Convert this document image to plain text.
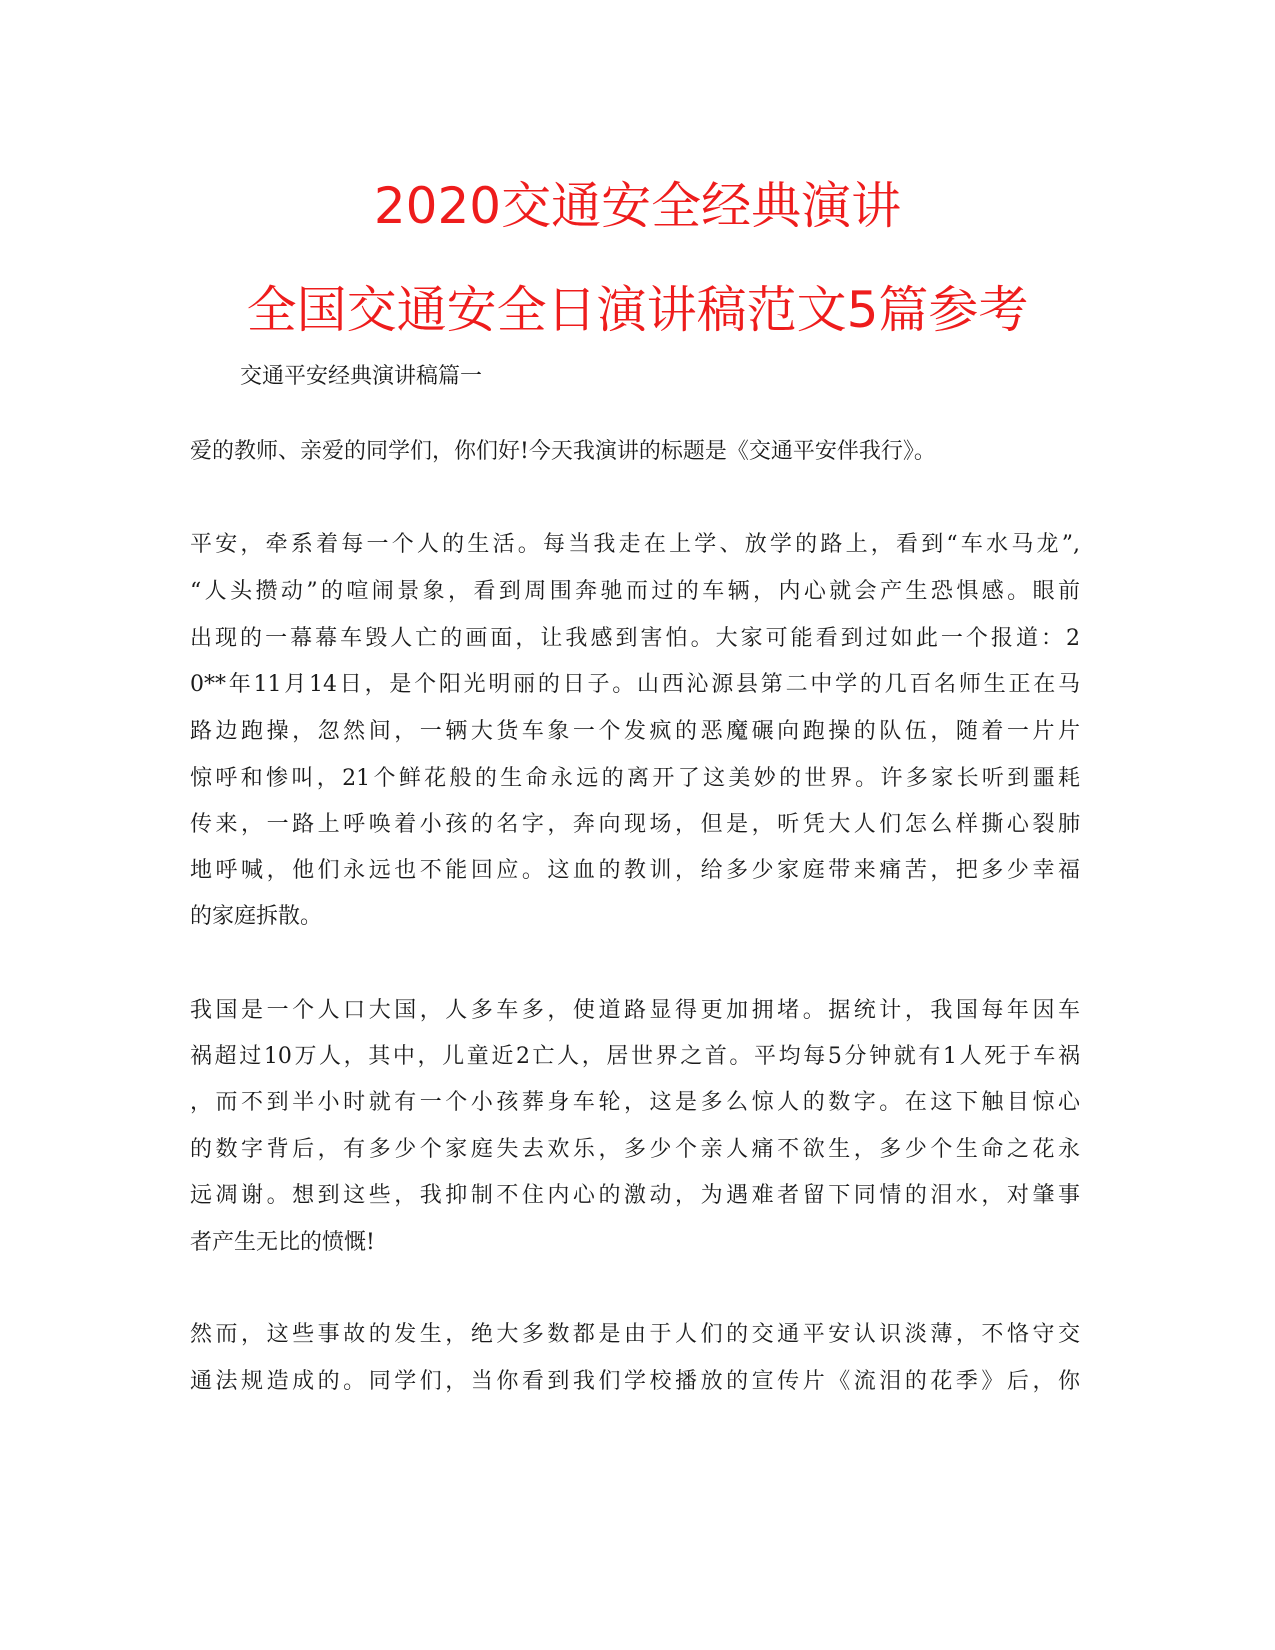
2020交通安全经典演讲
全国交通安全日演讲稿范文5篇参考
交通平安经典演讲稿篇一
爱的教师、亲爱的同学们，你们好!今天我演讲的标题是《交通平安伴我行》。
平安，牵系着每一个人的生活。每当我走在上学、放学的路上，看到“车水马龙”,
“人头攒动”的喧闹景象，看到周围奔驰而过的车辆，内心就会产生恐惧感。眼前
出现的一幕幕车毁人亡的画面，让我感到害怕。大家可能看到过如此一个报道：2
0**年11月14日，是个阳光明丽的日子。山西沁源县第二中学的几百名师生正在马
路边跑操，忽然间，一辆大货车象一个发疯的恶魔碾向跑操的队伍，随着一片片
惊呼和惨叫，21个鲜花般的生命永远的离开了这美妙的世界。许多家长听到噩耗
传来，一路上呼唤着小孩的名字，奔向现场，但是，听凭大人们怎么样撕心裂肺
地呼喊，他们永远也不能回应。这血的教训，给多少家庭带来痛苦，把多少幸福
的家庭拆散。
我国是一个人口大国，人多车多，使道路显得更加拥堵。据统计，我国每年因车
祸超过10万人，其中，儿童近2亡人，居世界之首。平均每5分钟就有1人死于车祸
，而不到半小时就有一个小孩葬身车轮，这是多么惊人的数字。在这下触目惊心
的数字背后，有多少个家庭失去欢乐，多少个亲人痛不欲生，多少个生命之花永
远凋谢。想到这些，我抑制不住内心的激动，为遇难者留下同情的泪水，对肇事
者产生无比的愤慨!
然而，这些事故的发生，绝大多数都是由于人们的交通平安认识淡薄，不恪守交
通法规造成的。同学们，当你看到我们学校播放的宣传片《流泪的花季》后，你
